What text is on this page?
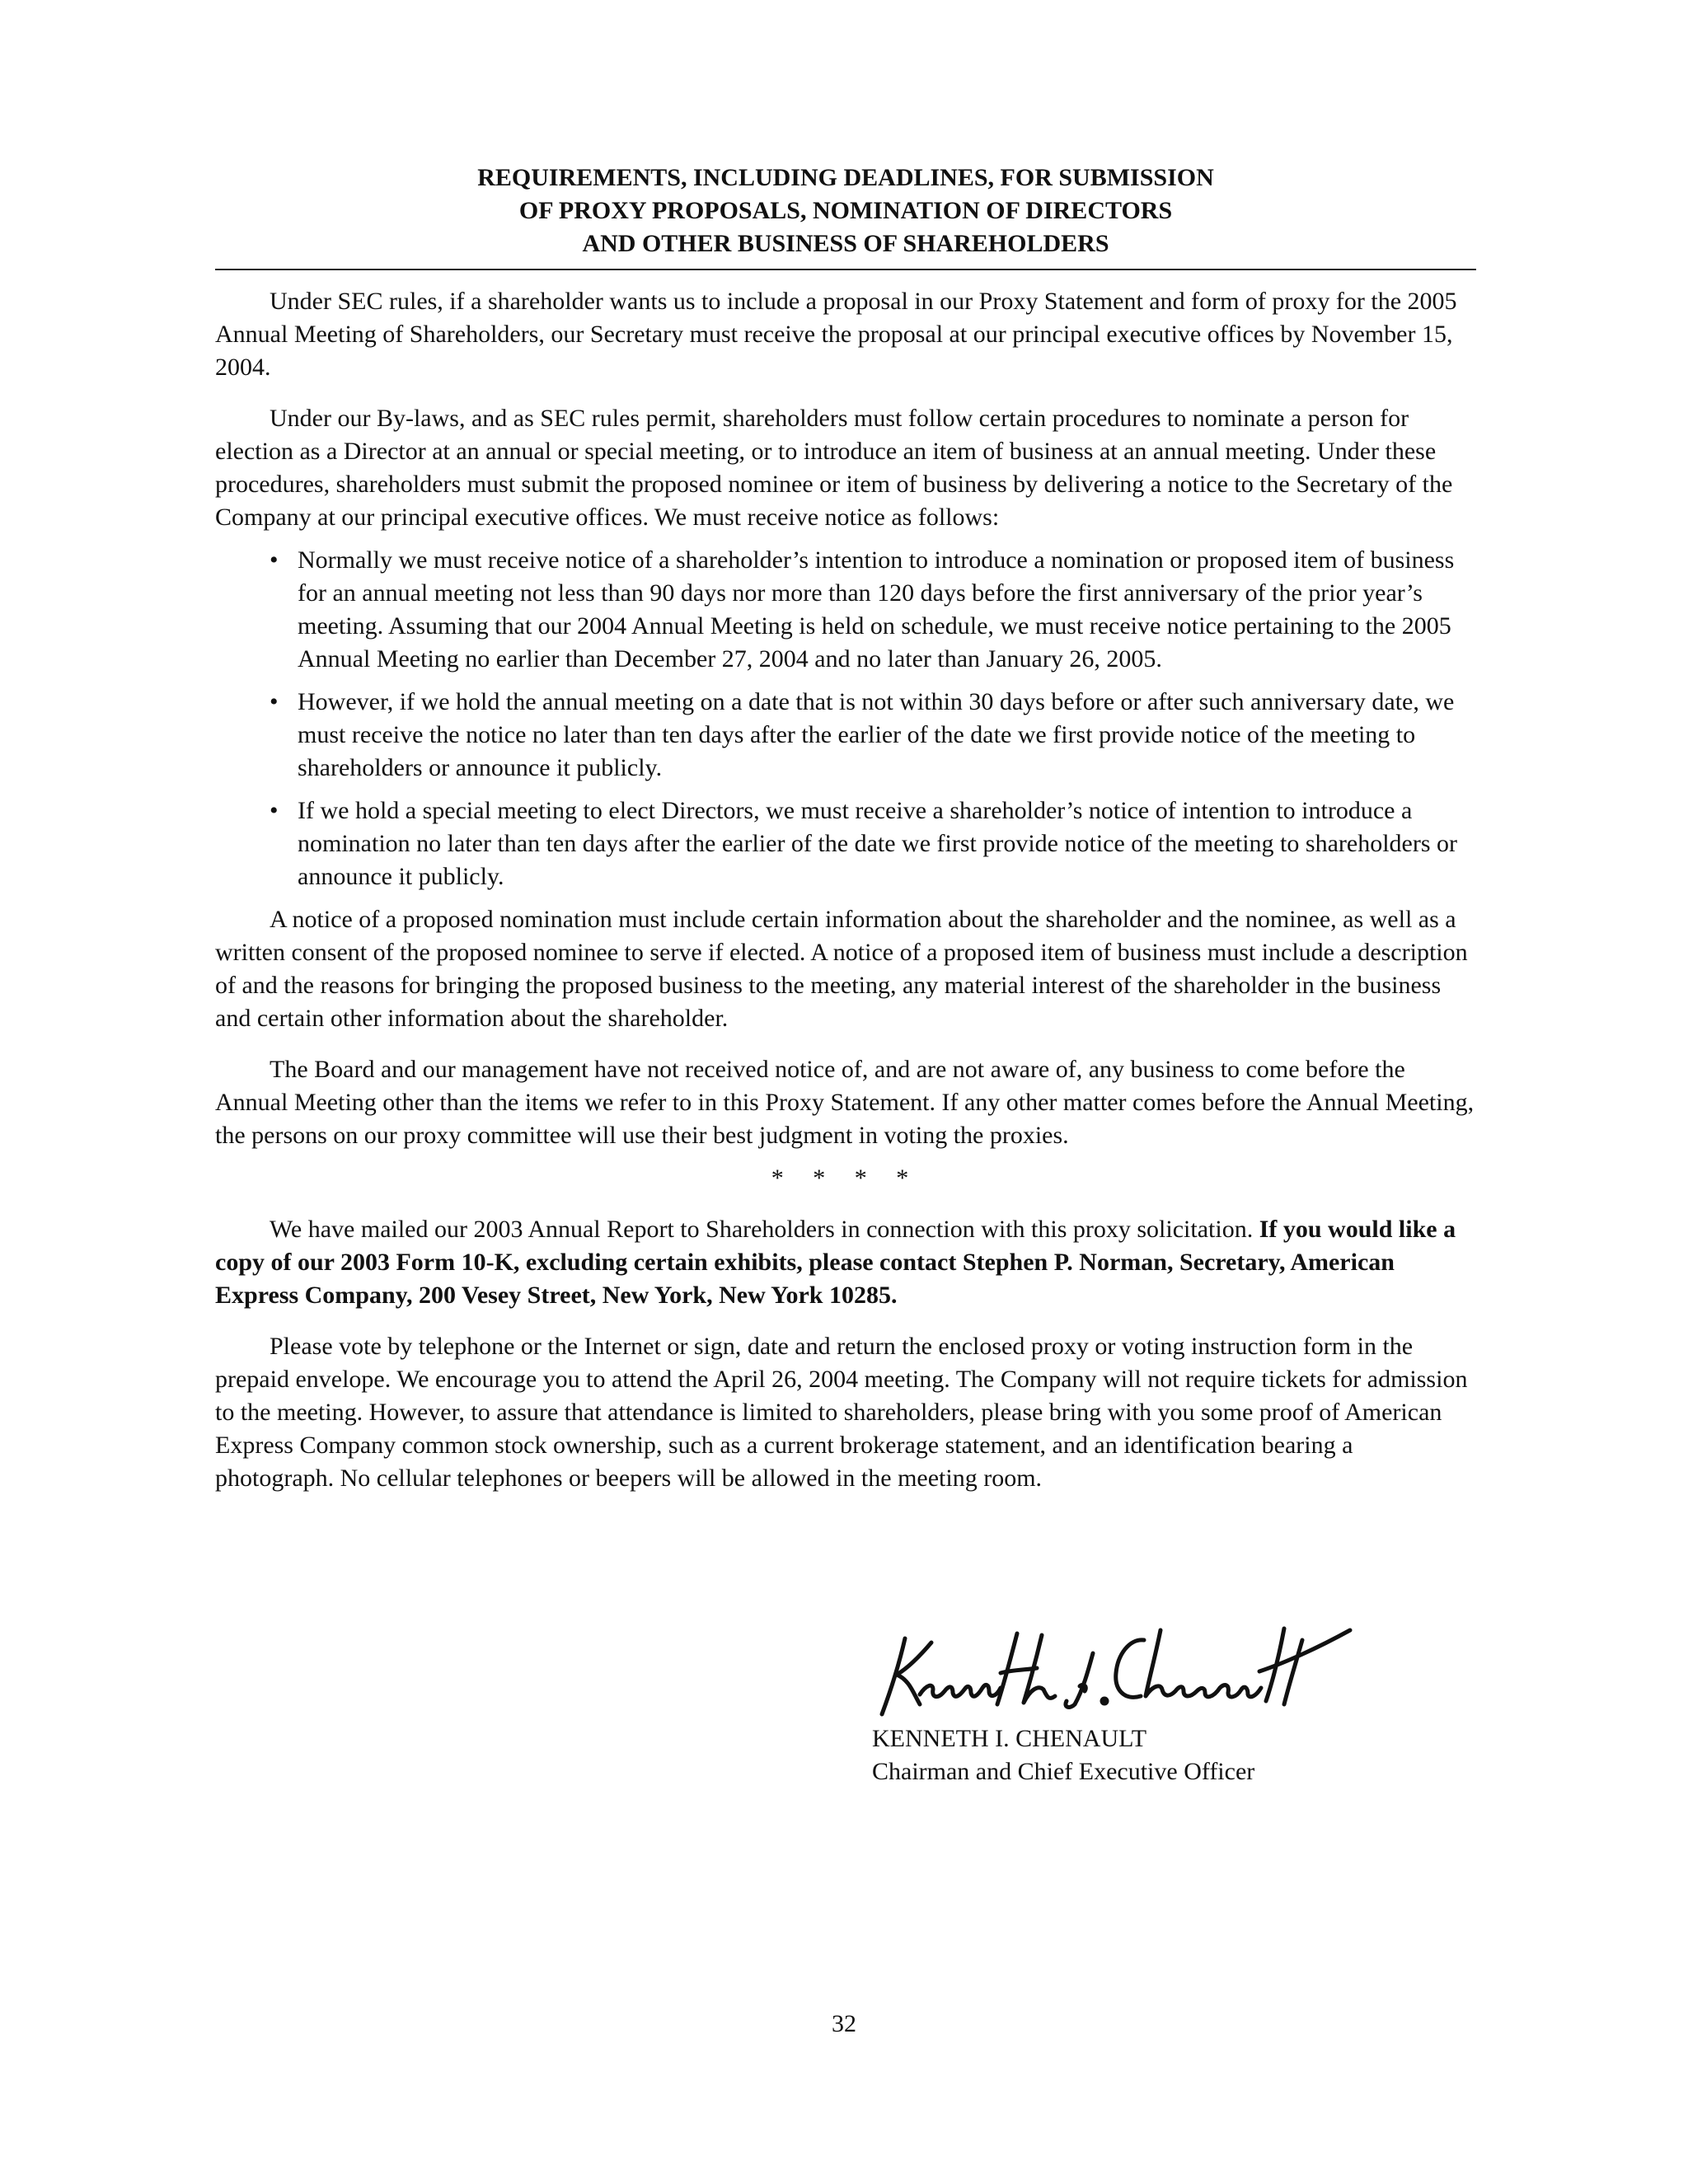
REQUIREMENTS, INCLUDING DEADLINES, FOR SUBMISSION
OF PROXY PROPOSALS, NOMINATION OF DIRECTORS
AND OTHER BUSINESS OF SHAREHOLDERS

Under SEC rules, if a shareholder wants us to include a proposal in our Proxy Statement and form of proxy for the 2005 Annual Meeting of Shareholders, our Secretary must receive the proposal at our principal executive offices by November 15, 2004.

Under our By-laws, and as SEC rules permit, shareholders must follow certain procedures to nominate a person for election as a Director at an annual or special meeting, or to introduce an item of business at an annual meeting. Under these procedures, shareholders must submit the proposed nominee or item of business by delivering a notice to the Secretary of the Company at our principal executive offices. We must receive notice as follows:

• Normally we must receive notice of a shareholder’s intention to introduce a nomination or proposed item of business for an annual meeting not less than 90 days nor more than 120 days before the first anniversary of the prior year’s meeting. Assuming that our 2004 Annual Meeting is held on schedule, we must receive notice pertaining to the 2005 Annual Meeting no earlier than December 27, 2004 and no later than January 26, 2005.
• However, if we hold the annual meeting on a date that is not within 30 days before or after such anniversary date, we must receive the notice no later than ten days after the earlier of the date we first provide notice of the meeting to shareholders or announce it publicly.
• If we hold a special meeting to elect Directors, we must receive a shareholder’s notice of intention to introduce a nomination no later than ten days after the earlier of the date we first provide notice of the meeting to shareholders or announce it publicly.

A notice of a proposed nomination must include certain information about the shareholder and the nominee, as well as a written consent of the proposed nominee to serve if elected. A notice of a proposed item of business must include a description of and the reasons for bringing the proposed business to the meeting, any material interest of the shareholder in the business and certain other information about the shareholder.

The Board and our management have not received notice of, and are not aware of, any business to come before the Annual Meeting other than the items we refer to in this Proxy Statement. If any other matter comes before the Annual Meeting, the persons on our proxy committee will use their best judgment in voting the proxies.

* * * *

We have mailed our 2003 Annual Report to Shareholders in connection with this proxy solicitation. If you would like a copy of our 2003 Form 10-K, excluding certain exhibits, please contact Stephen P. Norman, Secretary, American Express Company, 200 Vesey Street, New York, New York 10285.

Please vote by telephone or the Internet or sign, date and return the enclosed proxy or voting instruction form in the prepaid envelope. We encourage you to attend the April 26, 2004 meeting. The Company will not require tickets for admission to the meeting. However, to assure that attendance is limited to shareholders, please bring with you some proof of American Express Company common stock ownership, such as a current brokerage statement, and an identification bearing a photograph. No cellular telephones or beepers will be allowed in the meeting room.

KENNETH I. CHENAULT
Chairman and Chief Executive Officer
32
